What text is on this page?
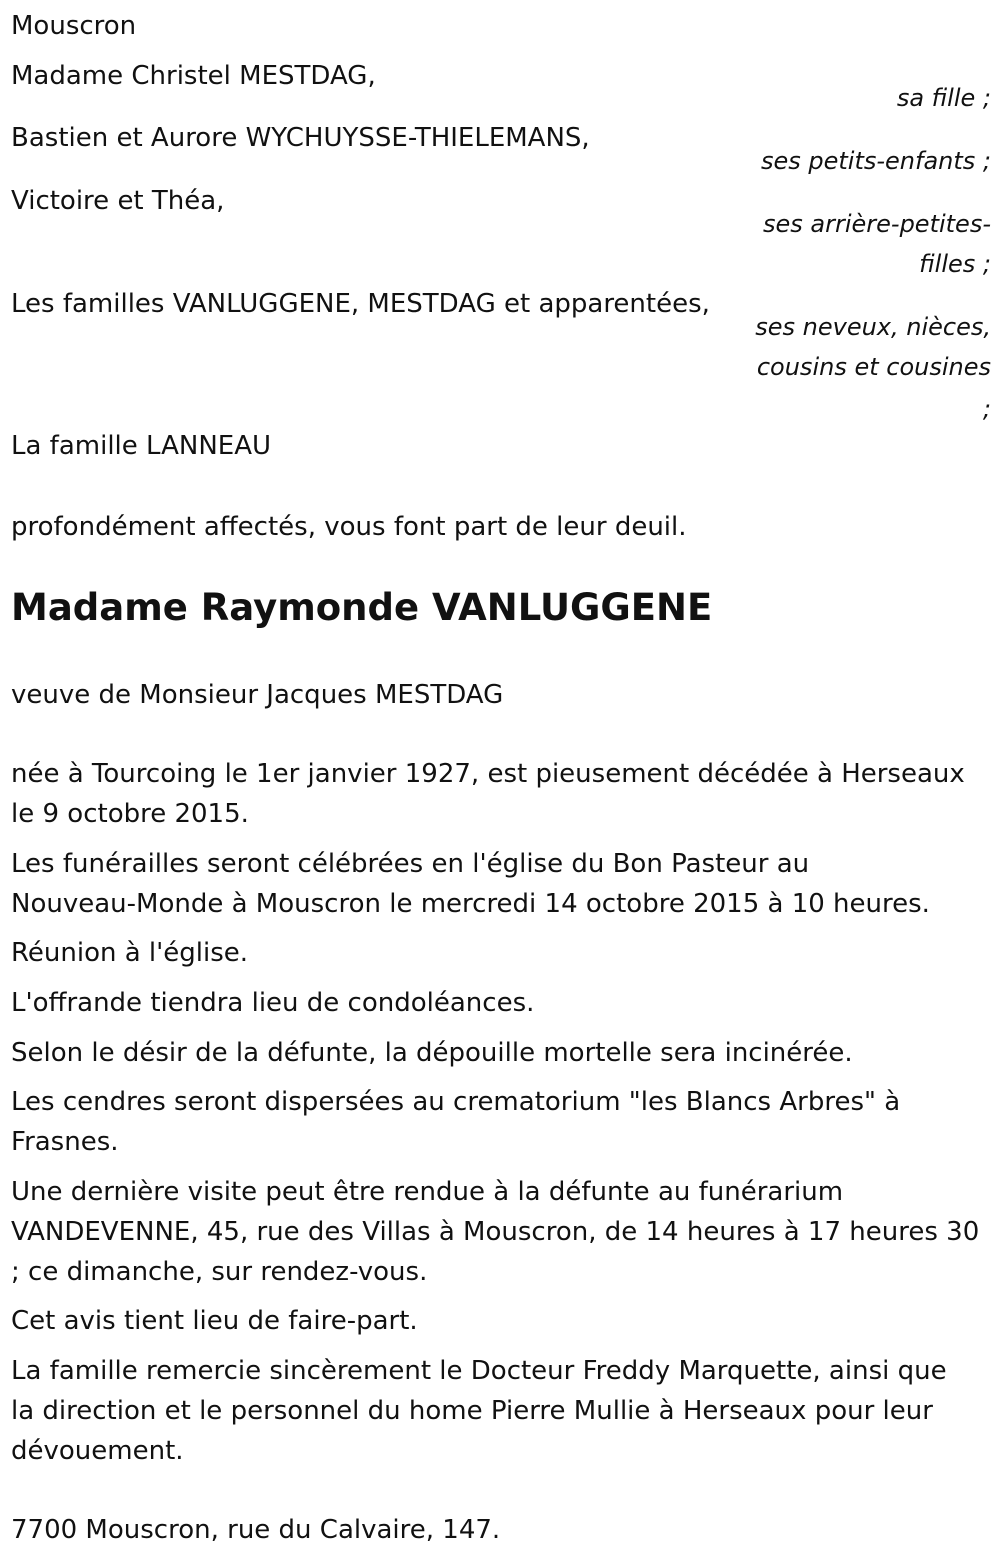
Mouscron
Madame Christel MESTDAG,
sa fille ;
Bastien et Aurore WYCHUYSSE-THIELEMANS,
ses petits-enfants ;
Victoire et Théa,
ses arrière-petites-
filles ;
Les familles VANLUGGENE, MESTDAG et apparentées,
ses neveux, nièces,
cousins et cousines
;
La famille LANNEAU
profondément affectés, vous font part de leur deuil.
Madame Raymonde VANLUGGENE
veuve de Monsieur Jacques MESTDAG
née à Tourcoing le 1er janvier 1927, est pieusement décédée à Herseaux
le 9 octobre 2015.
Les funérailles seront célébrées en l'église du Bon Pasteur au
Nouveau-Monde à Mouscron le mercredi 14 octobre 2015 à 10 heures.
Réunion à l'église.
L'offrande tiendra lieu de condoléances.
Selon le désir de la défunte, la dépouille mortelle sera incinérée.
Les cendres seront dispersées au crematorium "les Blancs Arbres" à
Frasnes.
Une dernière visite peut être rendue à la défunte au funérarium
VANDEVENNE, 45, rue des Villas à Mouscron, de 14 heures à 17 heures 30
; ce dimanche, sur rendez-vous.
Cet avis tient lieu de faire-part.
La famille remercie sincèrement le Docteur Freddy Marquette, ainsi que
la direction et le personnel du home Pierre Mullie à Herseaux pour leur
dévouement.
7700 Mouscron, rue du Calvaire, 147.
